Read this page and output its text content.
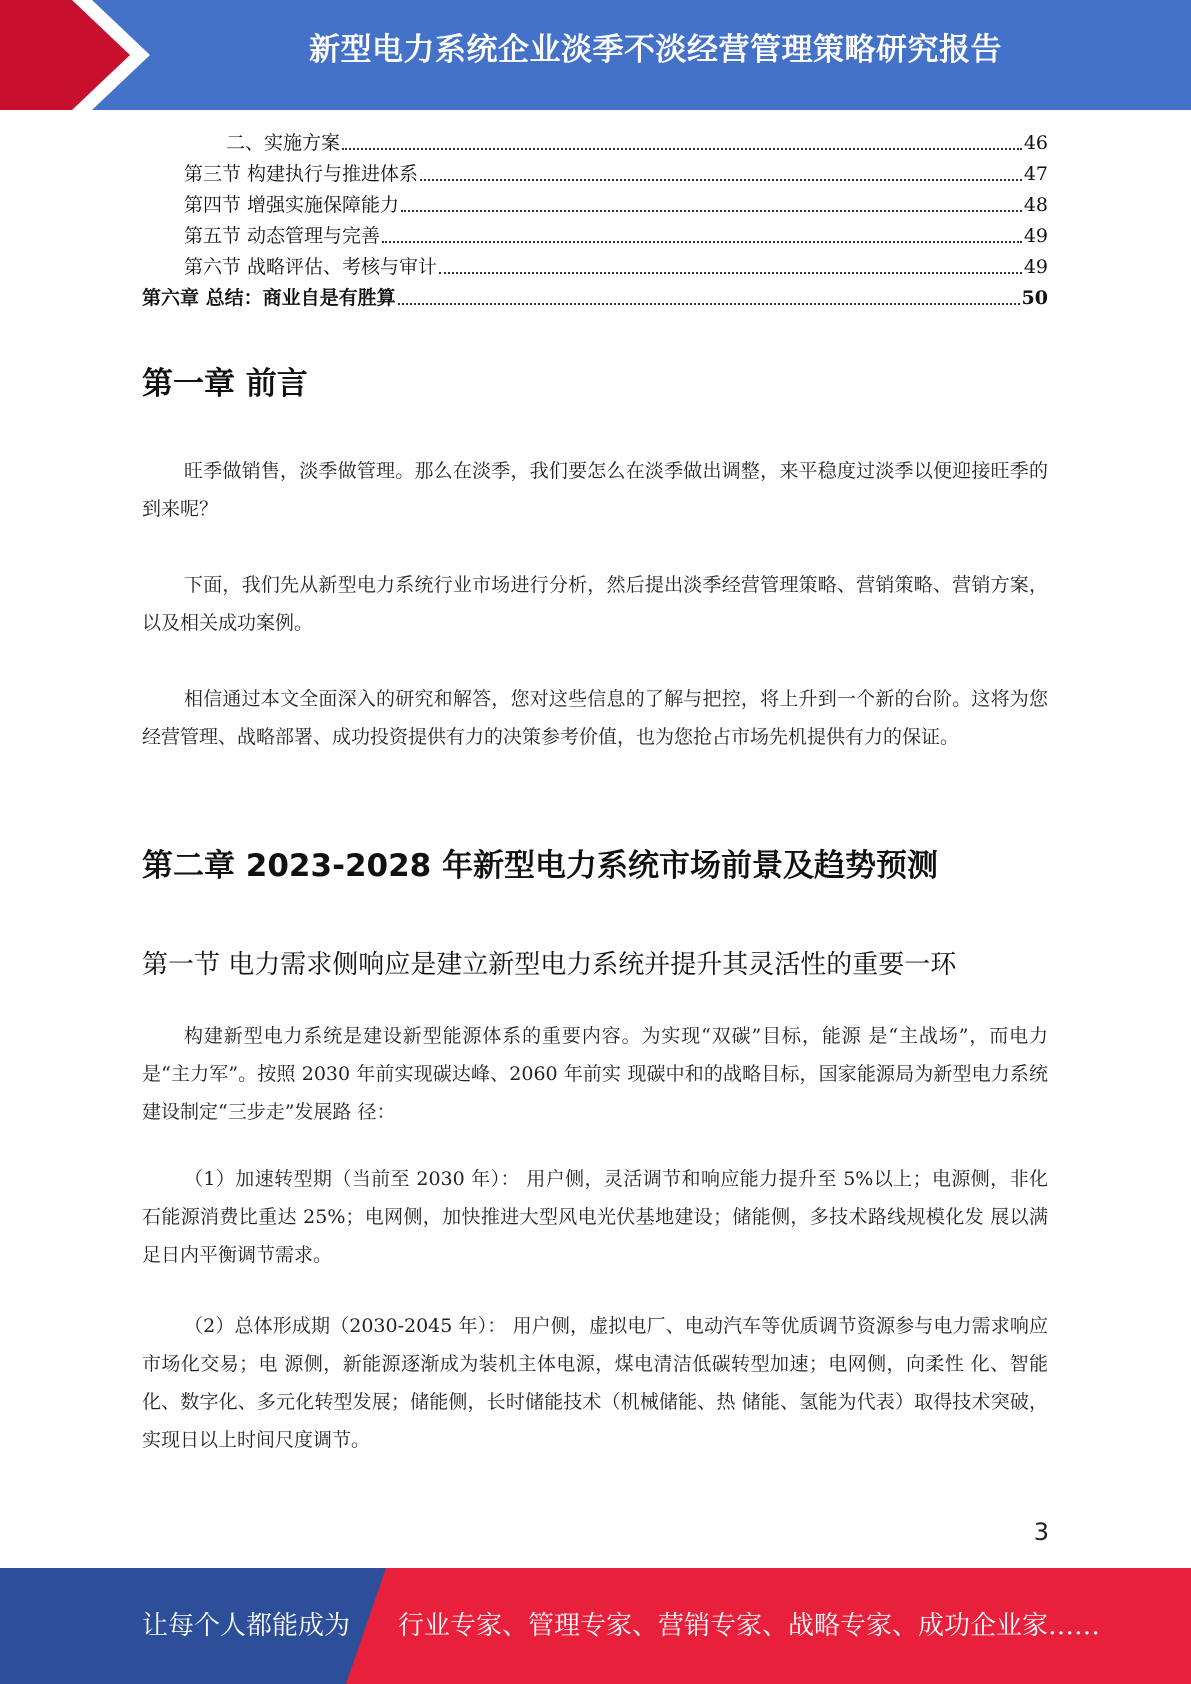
新型电力系统企业淡季不淡经营管理策略研究报告
二、实施方案	46
第三节 构建执行与推进体系	47
第四节 增强实施保障能力	48
第五节 动态管理与完善	49
第六节 战略评估、考核与审计	49
第六章 总结：商业自是有胜算	50
第一章 前言
旺季做销售，淡季做管理。那么在淡季，我们要怎么在淡季做出调整，来平稳度过淡季以便迎接旺季的到来呢？
下面，我们先从新型电力系统行业市场进行分析，然后提出淡季经营管理策略、营销策略、营销方案，以及相关成功案例。
相信通过本文全面深入的研究和解答，您对这些信息的了解与把控，将上升到一个新的台阶。这将为您经营管理、战略部署、成功投资提供有力的决策参考价值，也为您抢占市场先机提供有力的保证。
第二章 2023-2028 年新型电力系统市场前景及趋势预测
第一节 电力需求侧响应是建立新型电力系统并提升其灵活性的重要一环
构建新型电力系统是建设新型能源体系的重要内容。为实现“双碳”目标，能源 是“主战场”，而电力是“主力军”。按照 2030 年前实现碳达峰、2060 年前实 现碳中和的战略目标，国家能源局为新型电力系统建设制定“三步走”发展路 径：
（1）加速转型期（当前至 2030 年）： 用户侧，灵活调节和响应能力提升至 5%以上；电源侧，非化石能源消费比重达 25%；电网侧，加快推进大型风电光伏基地建设；储能侧，多技术路线规模化发 展以满足日内平衡调节需求。
（2）总体形成期（2030-2045 年）： 用户侧，虚拟电厂、电动汽车等优质调节资源参与电力需求响应市场化交易；电 源侧，新能源逐渐成为装机主体电源，煤电清洁低碳转型加速；电网侧，向柔性 化、智能化、数字化、多元化转型发展；储能侧，长时储能技术（机械储能、热 储能、氢能为代表）取得技术突破，实现日以上时间尺度调节。
3
让每个人都能成为 行业专家、管理专家、营销专家、战略专家、成功企业家……
